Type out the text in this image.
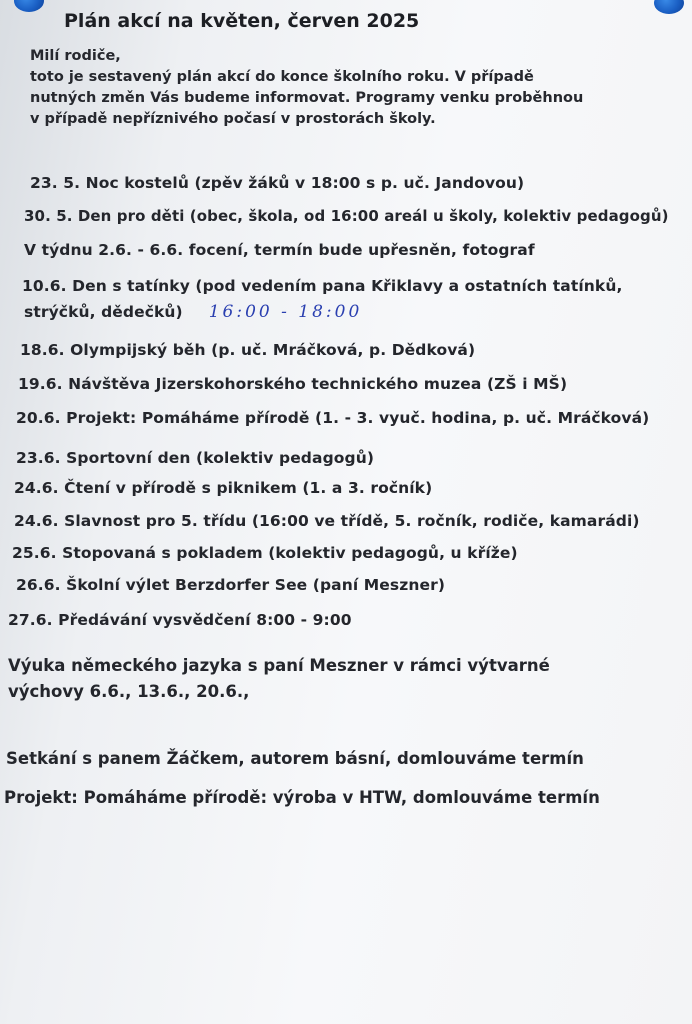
Plán akcí na květen, červen 2025
Milí rodiče,
toto je sestavený plán akcí do konce školního roku. V případě
nutných změn Vás budeme informovat. Programy venku proběhnou
v případě nepříznivého počasí v prostorách školy.
23. 5. Noc kostelů (zpěv žáků v 18:00 s p. uč. Jandovou)
30. 5. Den pro děti (obec, škola, od 16:00 areál u školy, kolektiv pedagogů)
V týdnu 2.6. - 6.6. focení, termín bude upřesněn, fotograf
10.6. Den s tatínky (pod vedením pana Křiklavy a ostatních tatínků,
strýčků, dědečků) 16:00 - 18:00
18.6. Olympijský běh (p. uč. Mráčková, p. Dědková)
19.6. Návštěva Jizerskohorského technického muzea (ZŠ i MŠ)
20.6. Projekt: Pomáháme přírodě (1. - 3. vyuč. hodina, p. uč. Mráčková)
23.6. Sportovní den (kolektiv pedagogů)
24.6. Čtení v přírodě s piknikem (1. a 3. ročník)
24.6. Slavnost pro 5. třídu (16:00 ve třídě, 5. ročník, rodiče, kamarádi)
25.6. Stopovaná s pokladem (kolektiv pedagogů, u kříže)
26.6. Školní výlet Berzdorfer See (paní Meszner)
27.6. Předávání vysvědčení 8:00 - 9:00
Výuka německého jazyka s paní Meszner v rámci výtvarné
výchovy 6.6., 13.6., 20.6.,
Setkání s panem Žáčkem, autorem básní, domlouváme termín
Projekt: Pomáháme přírodě: výroba v HTW, domlouváme termín
